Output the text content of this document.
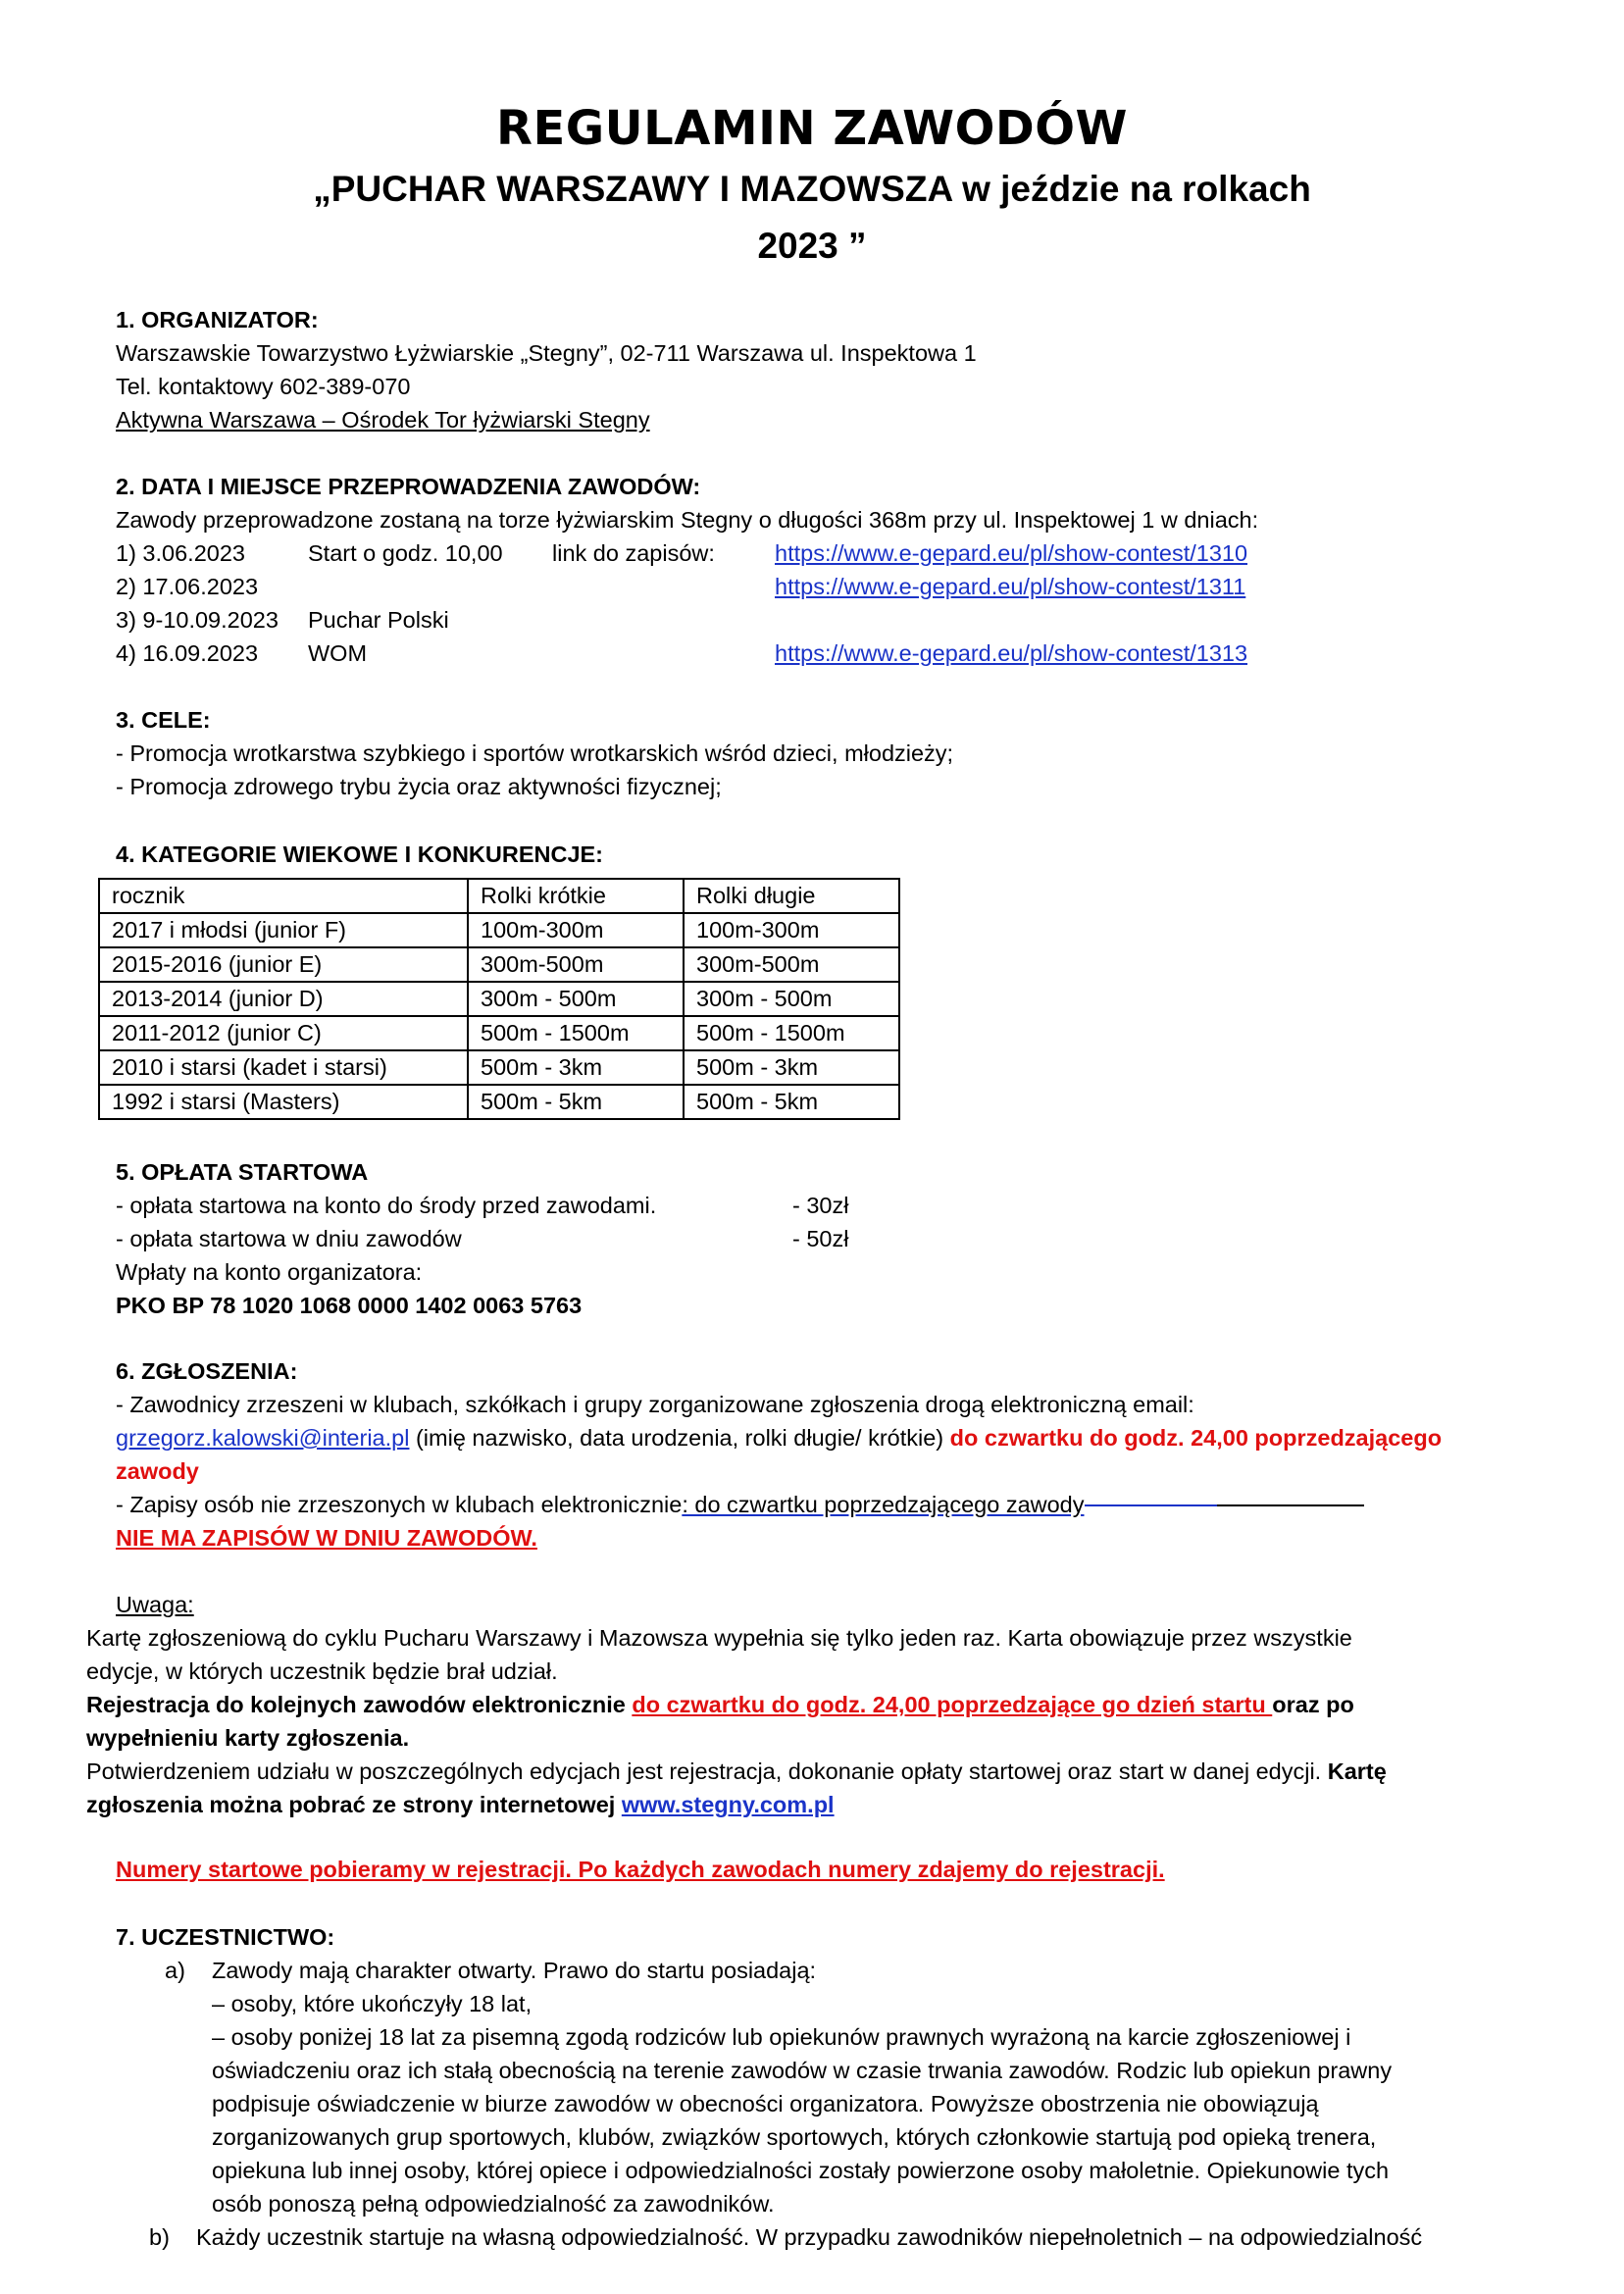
REGULAMIN ZAWODÓW
„PUCHAR WARSZAWY I MAZOWSZA w jeździe na rolkach
2023 ”
1. ORGANIZATOR:
Warszawskie Towarzystwo Łyżwiarskie „Stegny”, 02-711 Warszawa ul. Inspektowa 1
Tel. kontaktowy 602-389-070
Aktywna Warszawa – Ośrodek Tor łyżwiarski Stegny
2. DATA I MIEJSCE PRZEPROWADZENIA ZAWODÓW:
Zawody przeprowadzone zostaną na torze łyżwiarskim Stegny o długości 368m przy ul. Inspektowej 1 w dniach:
1) 3.06.2023	Start o godz. 10,00 link do zapisów:	https://www.e-gepard.eu/pl/show-contest/1310
2) 17.06.2023	https://www.e-gepard.eu/pl/show-contest/1311
3) 9-10.09.2023 Puchar Polski
4) 16.09.2023 WOM	https://www.e-gepard.eu/pl/show-contest/1313
3. CELE:
- Promocja wrotkarstwa szybkiego i sportów wrotkarskich wśród dzieci, młodzieży;
- Promocja zdrowego trybu życia oraz aktywności fizycznej;
4. KATEGORIE WIEKOWE I KONKURENCJE:
rocznik	Rolki krótkie	Rolki długie
2017 i młodsi (junior F)	100m-300m	100m-300m
2015-2016 (junior E)	300m-500m	300m-500m
2013-2014 (junior D)	300m - 500m	300m - 500m
2011-2012 (junior C)	500m - 1500m	500m - 1500m
2010 i starsi (kadet i starsi)	500m - 3km	500m - 3km
1992 i starsi (Masters)	500m - 5km	500m - 5km
5. OPŁATA STARTOWA
- opłata startowa na konto do środy przed zawodami.	- 30zł
- opłata startowa w dniu zawodów	- 50zł
Wpłaty na konto organizatora:
PKO BP 78 1020 1068 0000 1402 0063 5763
6. ZGŁOSZENIA:
- Zawodnicy zrzeszeni w klubach, szkółkach i grupy zorganizowane zgłoszenia drogą elektroniczną email:
grzegorz.kalowski@interia.pl (imię nazwisko, data urodzenia, rolki długie/ krótkie) do czwartku do godz. 24,00 poprzedzającego
zawody
- Zapisy osób nie zrzeszonych w klubach elektronicznie: do czwartku poprzedzającego zawody
NIE MA ZAPISÓW W DNIU ZAWODÓW.
Uwaga:
Kartę zgłoszeniową do cyklu Pucharu Warszawy i Mazowsza wypełnia się tylko jeden raz. Karta obowiązuje przez wszystkie
edycje, w których uczestnik będzie brał udział.
Rejestracja do kolejnych zawodów elektronicznie do czwartku do godz. 24,00 poprzedzające go dzień startu oraz po
wypełnieniu karty zgłoszenia.
Potwierdzeniem udziału w poszczególnych edycjach jest rejestracja, dokonanie opłaty startowej oraz start w danej edycji. Kartę
zgłoszenia można pobrać ze strony internetowej www.stegny.com.pl
Numery startowe pobieramy w rejestracji. Po każdych zawodach numery zdajemy do rejestracji.
7. UCZESTNICTWO:
a) Zawody mają charakter otwarty. Prawo do startu posiadają:
– osoby, które ukończyły 18 lat,
– osoby poniżej 18 lat za pisemną zgodą rodziców lub opiekunów prawnych wyrażoną na karcie zgłoszeniowej i
oświadczeniu oraz ich stałą obecnością na terenie zawodów w czasie trwania zawodów. Rodzic lub opiekun prawny
podpisuje oświadczenie w biurze zawodów w obecności organizatora. Powyższe obostrzenia nie obowiązują
zorganizowanych grup sportowych, klubów, związków sportowych, których członkowie startują pod opieką trenera,
opiekuna lub innej osoby, której opiece i odpowiedzialności zostały powierzone osoby małoletnie. Opiekunowie tych
osób ponoszą pełną odpowiedzialność za zawodników.
b) Każdy uczestnik startuje na własną odpowiedzialność. W przypadku zawodników niepełnoletnich – na odpowiedzialność
